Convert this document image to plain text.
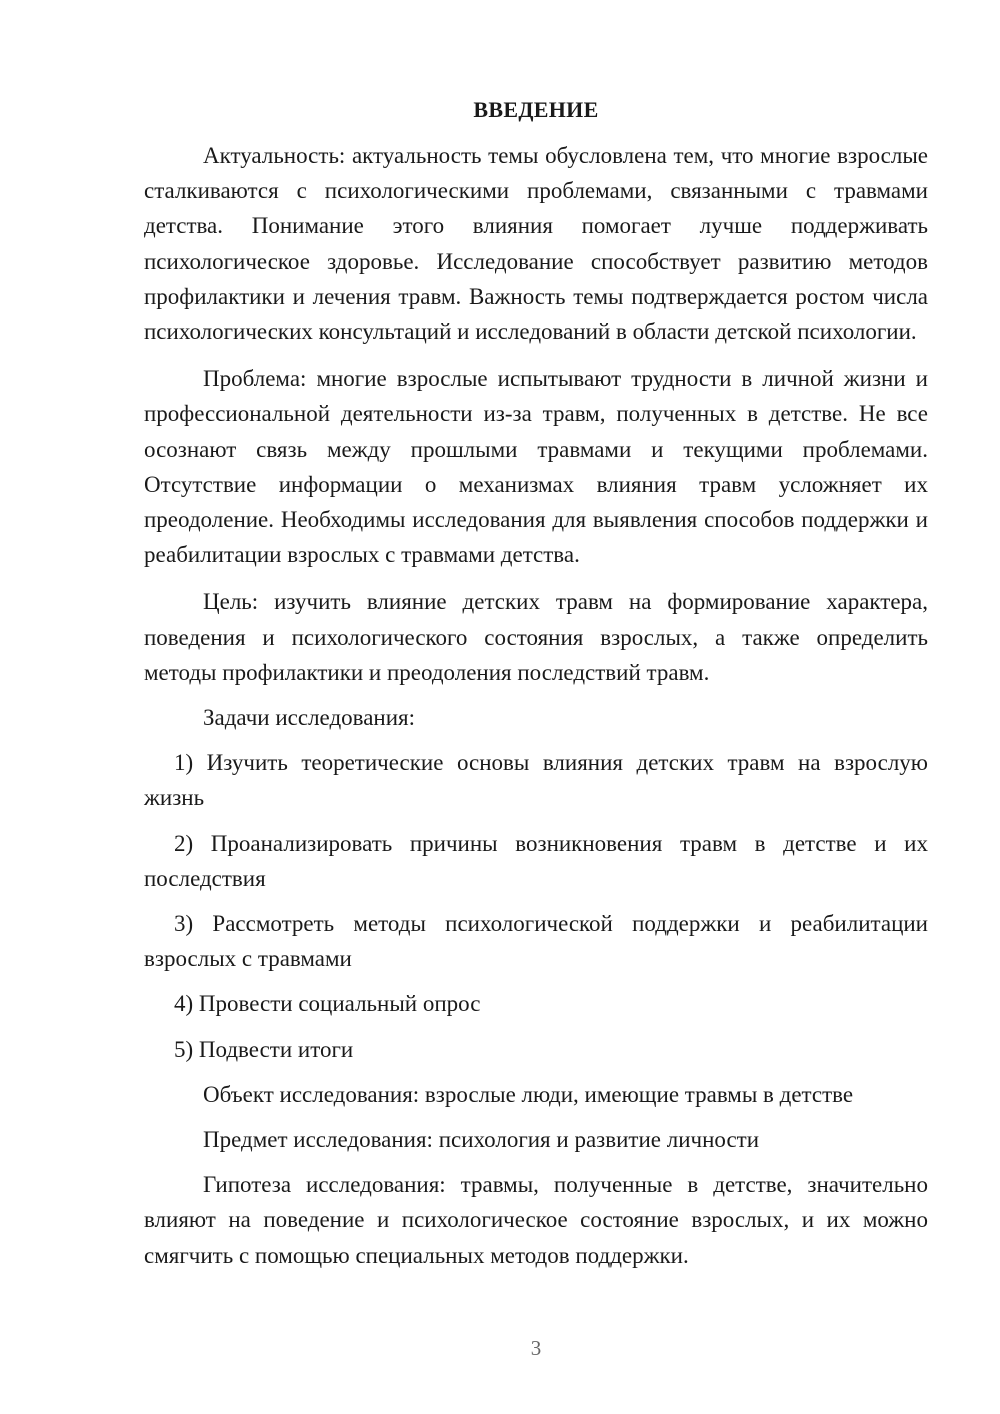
ВВЕДЕНИЕ

Актуальность: актуальность темы обусловлена тем, что многие взрослые сталкиваются с психологическими проблемами, связанными с травмами детства. Понимание этого влияния помогает лучше поддерживать психологическое здоровье. Исследование способствует развитию методов профилактики и лечения травм. Важность темы подтверждается ростом числа психологических консультаций и исследований в области детской психологии.

Проблема: многие взрослые испытывают трудности в личной жизни и профессиональной деятельности из-за травм, полученных в детстве. Не все осознают связь между прошлыми травмами и текущими проблемами. Отсутствие информации о механизмах влияния травм усложняет их преодоление. Необходимы исследования для выявления способов поддержки и реабилитации взрослых с травмами детства.

Цель: изучить влияние детских травм на формирование характера, поведения и психологического состояния взрослых, а также определить методы профилактики и преодоления последствий травм.

Задачи исследования:

1) Изучить теоретические основы влияния детских травм на взрослую жизнь

2) Проанализировать причины возникновения травм в детстве и их последствия

3) Рассмотреть методы психологической поддержки и реабилитации взрослых с травмами

4) Провести социальный опрос

5) Подвести итоги

Объект исследования: взрослые люди, имеющие травмы в детстве

Предмет исследования: психология и развитие личности

Гипотеза исследования: травмы, полученные в детстве, значительно влияют на поведение и психологическое состояние взрослых, и их можно смягчить с помощью специальных методов поддержки.

3
